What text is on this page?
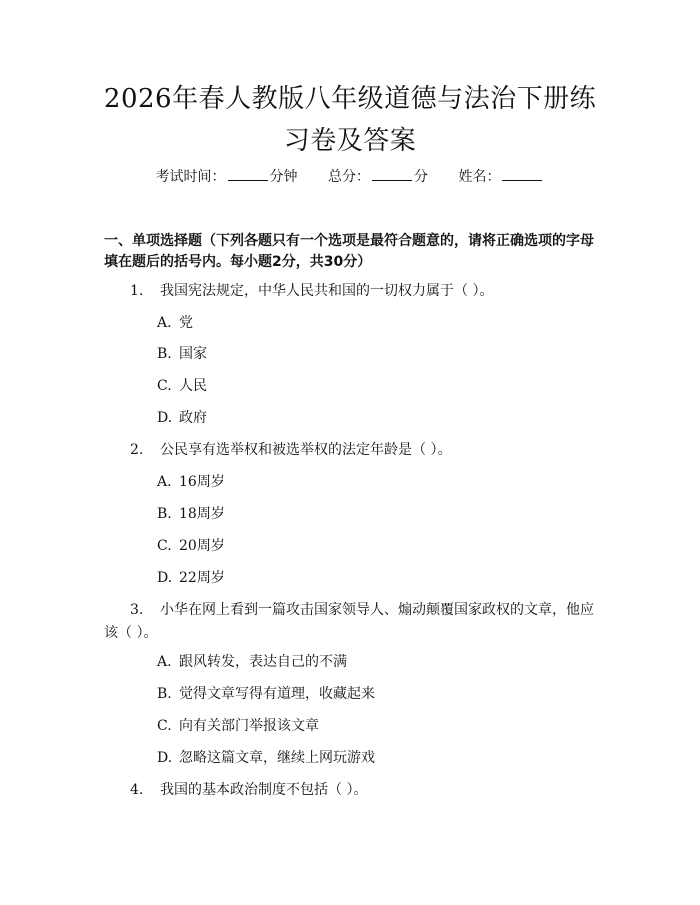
2026年春人教版八年级道德与法治下册练习卷及答案
考试时间：	分钟 总分：	分 姓名：
一、单项选择题（下列各题只有一个选项是最符合题意的，请将正确选项的字母填在题后的括号内。每小题2分，共30分）
1. 我国宪法规定，中华人民共和国的一切权力属于（ ）。
A. 党
B. 国家
C. 人民
D. 政府
2. 公民享有选举权和被选举权的法定年龄是（ ）。
A. 16周岁
B. 18周岁
C. 20周岁
D. 22周岁
3. 小华在网上看到一篇攻击国家领导人、煽动颠覆国家政权的文章，他应该（ ）。
A. 跟风转发，表达自己的不满
B. 觉得文章写得有道理，收藏起来
C. 向有关部门举报该文章
D. 忽略这篇文章，继续上网玩游戏
4. 我国的基本政治制度不包括（ ）。
